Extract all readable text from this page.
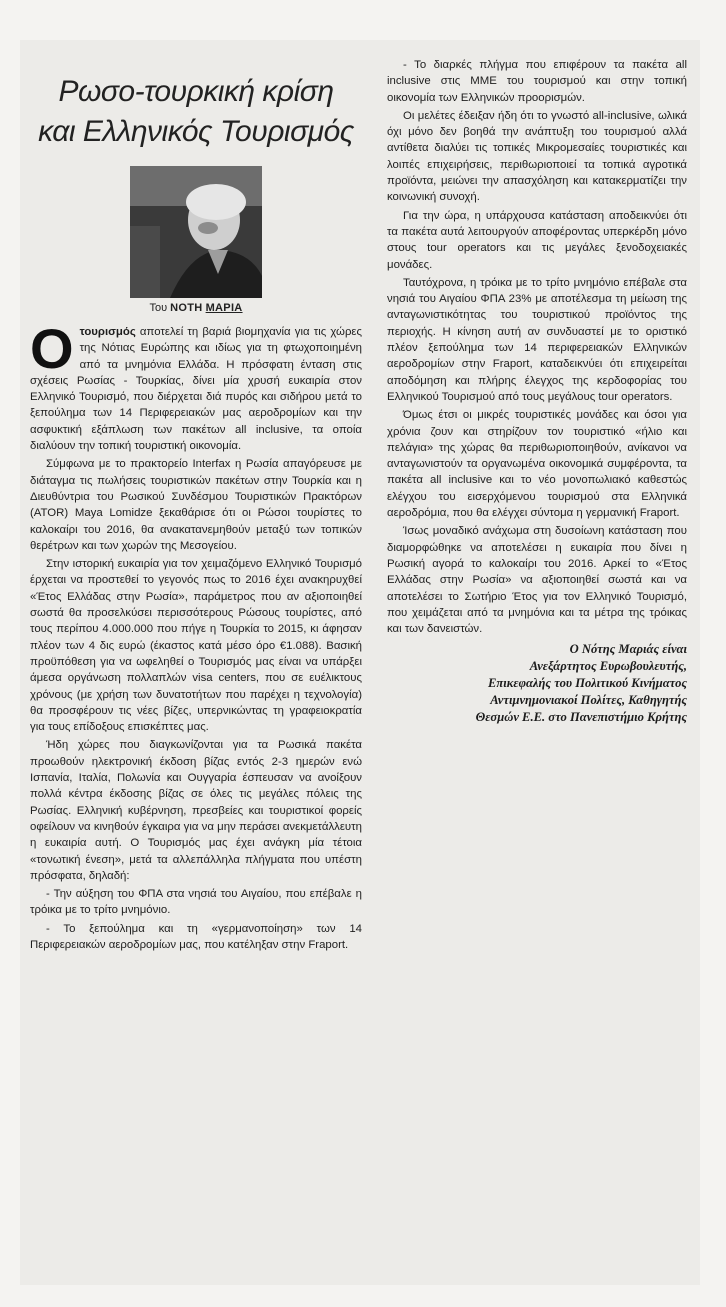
Ρωσο-τουρκική κρίση
και Ελληνικός Τουρισμός
Του ΝΟΤΗ ΜΑΡΙΑ

Οτουρισμός αποτελεί τη βαριά βιομηχανία για τις χώρες της Νότιας Ευρώπης και ιδίως για τη φτωχοποιημένη από τα μνημόνια Ελλάδα. Η πρόσφατη ένταση στις σχέσεις Ρωσίας - Τουρκίας, δίνει μία χρυσή ευκαιρία στον Ελληνικό Τουρισμό, που διέρχεται διά πυρός και σιδήρου μετά το ξεπούλημα των 14 Περιφερειακών μας αεροδρομίων και την ασφυκτική εξάπλωση των πακέτων all inclusive, τα οποία διαλύουν την τοπική τουριστική οικονομία.

Σύμφωνα με το πρακτορείο Interfax η Ρωσία απαγόρευσε με διάταγμα τις πωλήσεις τουριστικών πακέτων στην Τουρκία και η Διευθύντρια του Ρωσικού Συνδέσμου Τουριστικών Πρακτόρων (ATOR) Maya Lomidze ξεκαθάρισε ότι οι Ρώσοι τουρίστες το καλοκαίρι του 2016, θα ανακατανεμηθούν μεταξύ των τοπικών θερέτρων και των χωρών της Μεσογείου.

Στην ιστορική ευκαιρία για τον χειμαζόμενο Ελληνικό Τουρισμό έρχεται να προστεθεί το γεγονός πως το 2016 έχει ανακηρυχθεί «Έτος Ελλάδας στην Ρωσία», παράμετρος που αν αξιοποιηθεί σωστά θα προσελκύσει περισσότερους Ρώσους τουρίστες, από τους περίπου 4.000.000 που πήγε η Τουρκία το 2015, κι άφησαν πλέον των 4 δις ευρώ (έκαστος κατά μέσο όρο €1.088). Βασική προϋπόθεση για να ωφεληθεί ο Τουρισμός μας είναι να υπάρξει άμεσα οργάνωση πολλαπλών visa centers, που σε ευέλικτους χρόνους (με χρήση των δυνατοτήτων που παρέχει η τεχνολογία) θα προσφέρουν τις νέες βίζες, υπερνικώντας τη γραφειοκρατία για τους επίδοξους επισκέπτες μας.

Ήδη χώρες που διαγκωνίζονται για τα Ρωσικά πακέτα προωθούν ηλεκτρονική έκδοση βίζας εντός 2-3 ημερών ενώ Ισπανία, Ιταλία, Πολωνία και Ουγγαρία έσπευσαν να ανοίξουν πολλά κέντρα έκδοσης βίζας σε όλες τις μεγάλες πόλεις της Ρωσίας. Ελληνική κυβέρνηση, πρεσβείες και τουριστικοί φορείς οφείλουν να κινηθούν έγκαιρα για να μην περάσει ανεκμετάλλευτη η ευκαιρία αυτή. Ο Τουρισμός μας έχει ανάγκη μία τέτοια «τονωτική ένεση», μετά τα αλλεπάλληλα πλήγματα που υπέστη πρόσφατα, δηλαδή:

- Την αύξηση του ΦΠΑ στα νησιά του Αιγαίου, που επέβαλε η τρόικα με το τρίτο μνημόνιο.

- Το ξεπούλημα και τη «γερμανοποίηση» των 14 Περιφερειακών αεροδρομίων μας, που κατέληξαν στην Fraport.

- Το διαρκές πλήγμα που επιφέρουν τα πακέτα all inclusive στις ΜΜΕ του τουρισμού και στην τοπική οικονομία των Ελληνικών προορισμών.

Οι μελέτες έδειξαν ήδη ότι το γνωστό all-inclusive, ωλικά όχι μόνο δεν βοηθά την ανάπτυξη του τουρισμού αλλά αντίθετα διαλύει τις τοπικές Μικρομεσαίες τουριστικές και λοιπές επιχειρήσεις, περιθωριοποιεί τα τοπικά αγροτικά προϊόντα, μειώνει την απασχόληση και κατακερματίζει την κοινωνική συνοχή.

Για την ώρα, η υπάρχουσα κατάσταση αποδεικνύει ότι τα πακέτα αυτά λειτουργούν αποφέροντας υπερκέρδη μόνο στους tour operators και τις μεγάλες ξενοδοχειακές μονάδες.

Ταυτόχρονα, η τρόικα με το τρίτο μνημόνιο επέβαλε στα νησιά του Αιγαίου ΦΠΑ 23% με αποτέλεσμα τη μείωση της ανταγωνιστικότητας του τουριστικού προϊόντος της περιοχής. Η κίνηση αυτή αν συνδυαστεί με το οριστικό πλέον ξεπούλημα των 14 περιφερειακών Ελληνικών αεροδρομίων στην Fraport, καταδεικνύει ότι επιχειρείται αποδόμηση και πλήρης έλεγχος της κερδοφορίας του Ελληνικού Τουρισμού από τους μεγάλους tour operators.

Όμως έτσι οι μικρές τουριστικές μονάδες και όσοι για χρόνια ζουν και στηρίζουν τον τουριστικό «ήλιο και πελάγια» της χώρας θα περιθωριοποιηθούν, ανίκανοι να ανταγωνιστούν τα οργανωμένα οικονομικά συμφέροντα, τα πακέτα all inclusive και το νέο μονοπωλιακό καθεστώς ελέγχου του εισερχόμενου τουρισμού στα Ελληνικά αεροδρόμια, που θα ελέγχει σύντομα η γερμανική Fraport.

Ίσως μοναδικό ανάχωμα στη δυσοίωνη κατάσταση που διαμορφώθηκε να αποτελέσει η ευκαιρία που δίνει η Ρωσική αγορά το καλοκαίρι του 2016. Αρκεί το «Έτος Ελλάδας στην Ρωσία» να αξιοποιηθεί σωστά και να αποτελέσει το Σωτήριο Έτος για τον Ελληνικό Τουρισμό, που χειμάζεται από τα μνημόνια και τα μέτρα της τρόικας και των δανειστών.

Ο Νότης Μαριάς είναι
Ανεξάρτητος Ευρωβουλευτής,
Επικεφαλής του Πολιτικού Κινήματος
Αντιμνημονιακοί Πολίτες, Καθηγητής
Θεσμών Ε.Ε. στο Πανεπιστήμιο Κρήτης
